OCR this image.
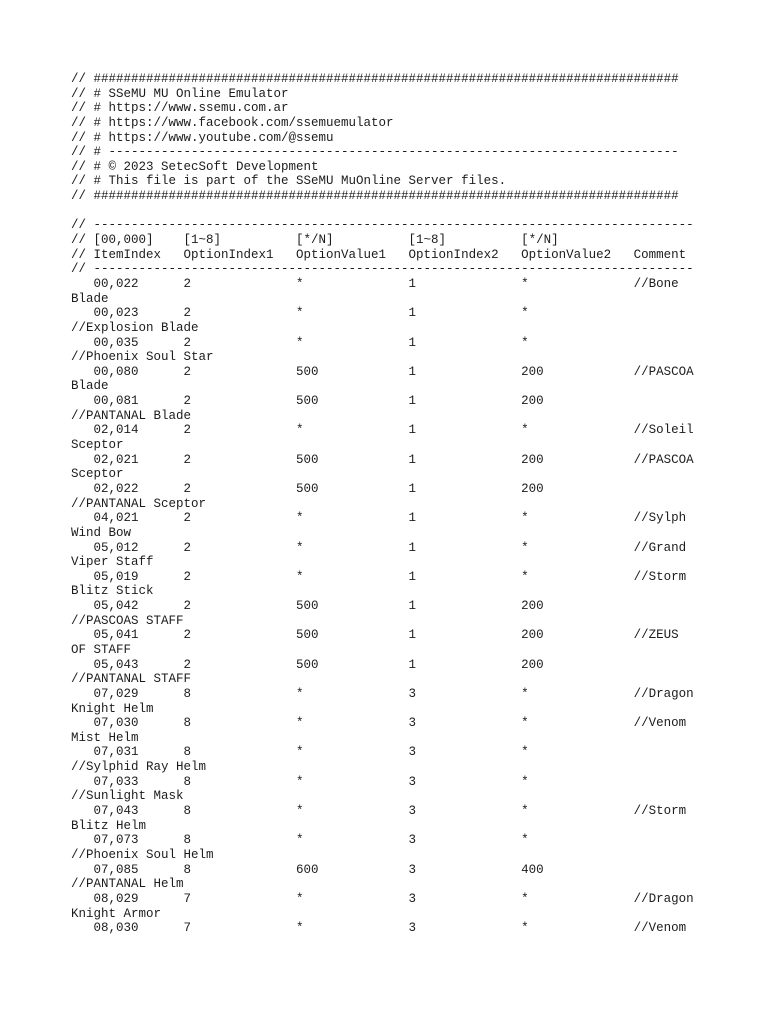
// ##############################################################################
// # SSeMU MU Online Emulator
// # https://www.ssemu.com.ar
// # https://www.facebook.com/ssemuemulator
// # https://www.youtube.com/@ssemu
// # ----------------------------------------------------------------------------
// # © 2023 SetecSoft Development
// # This file is part of the SSeMU MuOnline Server files.
// ##############################################################################
// --------------------------------------------------------------------------------
// [00,000]    [1~8]          [*/N]          [1~8]          [*/N]
// ItemIndex   OptionIndex1   OptionValue1   OptionIndex2   OptionValue2   Comment
// --------------------------------------------------------------------------------
00,022      2              *              1              *              //Bone
Blade
00,023      2              *              1              *
//Explosion Blade
00,035      2              *              1              *
//Phoenix Soul Star
00,080      2              500            1              200            //PASCOA
Blade
00,081      2              500            1              200
//PANTANAL Blade
02,014      2              *              1              *              //Soleil
Sceptor
02,021      2              500            1              200            //PASCOA
Sceptor
02,022      2              500            1              200
//PANTANAL Sceptor
04,021      2              *              1              *              //Sylph
Wind Bow
05,012      2              *              1              *              //Grand
Viper Staff
05,019      2              *              1              *              //Storm
Blitz Stick
05,042      2              500            1              200
//PASCOAS STAFF
05,041      2              500            1              200            //ZEUS
OF STAFF
05,043      2              500            1              200
//PANTANAL STAFF
07,029      8              *              3              *              //Dragon
Knight Helm
07,030      8              *              3              *              //Venom
Mist Helm
07,031      8              *              3              *
//Sylphid Ray Helm
07,033      8              *              3              *
//Sunlight Mask
07,043      8              *              3              *              //Storm
Blitz Helm
07,073      8              *              3              *
//Phoenix Soul Helm
07,085      8              600            3              400
//PANTANAL Helm
08,029      7              *              3              *              //Dragon
Knight Armor
08,030      7              *              3              *              //Venom
